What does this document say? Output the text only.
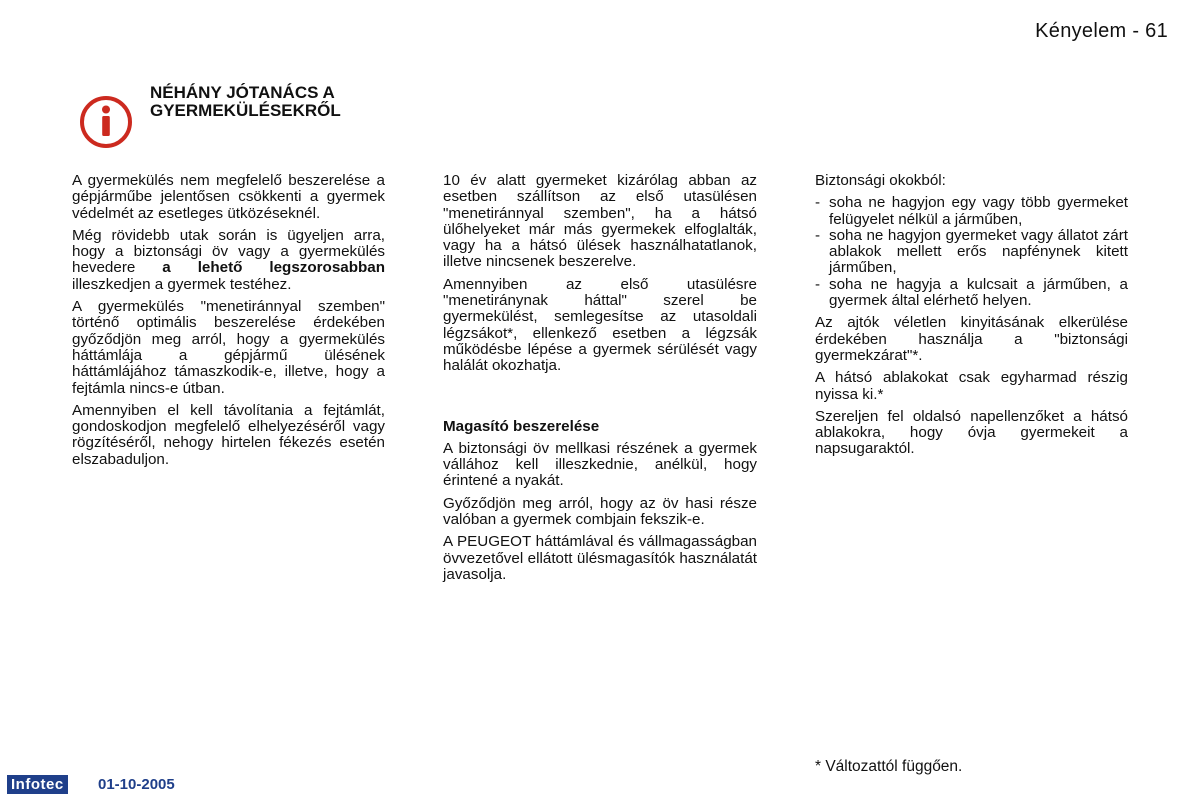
Kényelem - 61
NÉHÁNY JÓTANÁCS A
GYERMEKÜLÉSEKRŐL

A gyermekülés nem megfelelő beszerelése a gépjárműbe jelentősen csökkenti a gyermek védelmét az esetleges ütközéseknél.

Még rövidebb utak során is ügyeljen arra, hogy a biztonsági öv vagy a gyermekülés hevedere a lehető legszorosabban illeszkedjen a gyermek testéhez.

A gyermekülés "menetiránnyal szemben" történő optimális beszerelése érdekében győződjön meg arról, hogy a gyermekülés háttámlája a gépjármű ülésének háttámlájához támaszkodik-e, illetve, hogy a fejtámla nincs-e útban.

Amennyiben el kell távolítania a fejtámlát, gondoskodjon megfelelő elhelyezéséről vagy rögzítéséről, nehogy hirtelen fékezés esetén elszabaduljon.

10 év alatt gyermeket kizárólag abban az esetben szállítson az első utasülésen "menetiránnyal szemben", ha a hátsó ülőhelyeket már más gyermekek elfoglalták, vagy ha a hátsó ülések használhatatlanok, illetve nincsenek beszerelve.

Amennyiben az első utasülésre "menetiránynak háttal" szerel be gyermekülést, semlegesítse az utasoldali légzsákot*, ellenkező esetben a légzsák működésbe lépése a gyermek sérülését vagy halálát okozhatja.

Magasító beszerelése

A biztonsági öv mellkasi részének a gyermek vállához kell illeszkednie, anélkül, hogy érintené a nyakát.

Győződjön meg arról, hogy az öv hasi része valóban a gyermek combjain fekszik-e.

A PEUGEOT háttámlával és vállmagasságban övvezetővel ellátott ülésmagasítók használatát javasolja.

Biztonsági okokból:

- soha ne hagyjon egy vagy több gyermeket felügyelet nélkül a járműben,
- soha ne hagyjon gyermeket vagy állatot zárt ablakok mellett erős napfénynek kitett járműben,
- soha ne hagyja a kulcsait a járműben, a gyermek által elérhető helyen.

Az ajtók véletlen kinyitásának elkerülése érdekében használja a "biztonsági gyermekzárat"*.

A hátsó ablakokat csak egyharmad részig nyissa ki.*

Szereljen fel oldalsó napellenzőket a hátsó ablakokra, hogy óvja gyermekeit a napsugaraktól.

* Változattól függően.
Infotec 01-10-2005
